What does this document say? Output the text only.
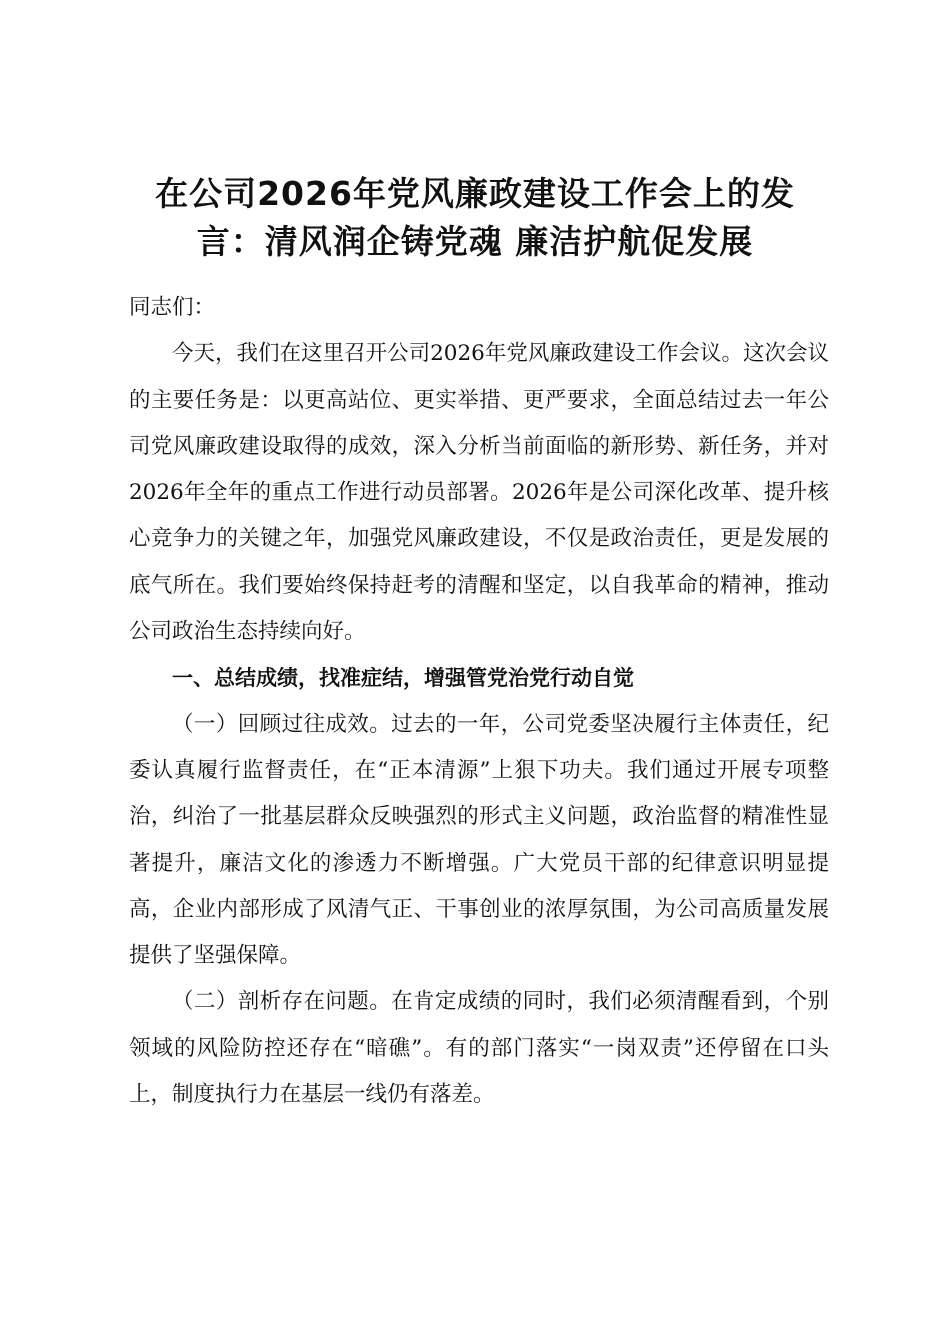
在公司2026年党风廉政建设工作会上的发
言：清风润企铸党魂 廉洁护航促发展

同志们：

今天，我们在这里召开公司2026年党风廉政建设工作会议。这次会议的主要任务是：以更高站位、更实举措、更严要求，全面总结过去一年公司党风廉政建设取得的成效，深入分析当前面临的新形势、新任务，并对2026年全年的重点工作进行动员部署。2026年是公司深化改革、提升核心竞争力的关键之年，加强党风廉政建设，不仅是政治责任，更是发展的底气所在。我们要始终保持赶考的清醒和坚定，以自我革命的精神，推动公司政治生态持续向好。

一、总结成绩，找准症结，增强管党治党行动自觉

（一）回顾过往成效。过去的一年，公司党委坚决履行主体责任，纪委认真履行监督责任，在“正本清源”上狠下功夫。我们通过开展专项整治，纠治了一批基层群众反映强烈的形式主义问题，政治监督的精准性显著提升，廉洁文化的渗透力不断增强。广大党员干部的纪律意识明显提高，企业内部形成了风清气正、干事创业的浓厚氛围，为公司高质量发展提供了坚强保障。

（二）剖析存在问题。在肯定成绩的同时，我们必须清醒看到，个别领域的风险防控还存在“暗礁”。有的部门落实“一岗双责”还停留在口头上，制度执行力在基层一线仍有落差。
